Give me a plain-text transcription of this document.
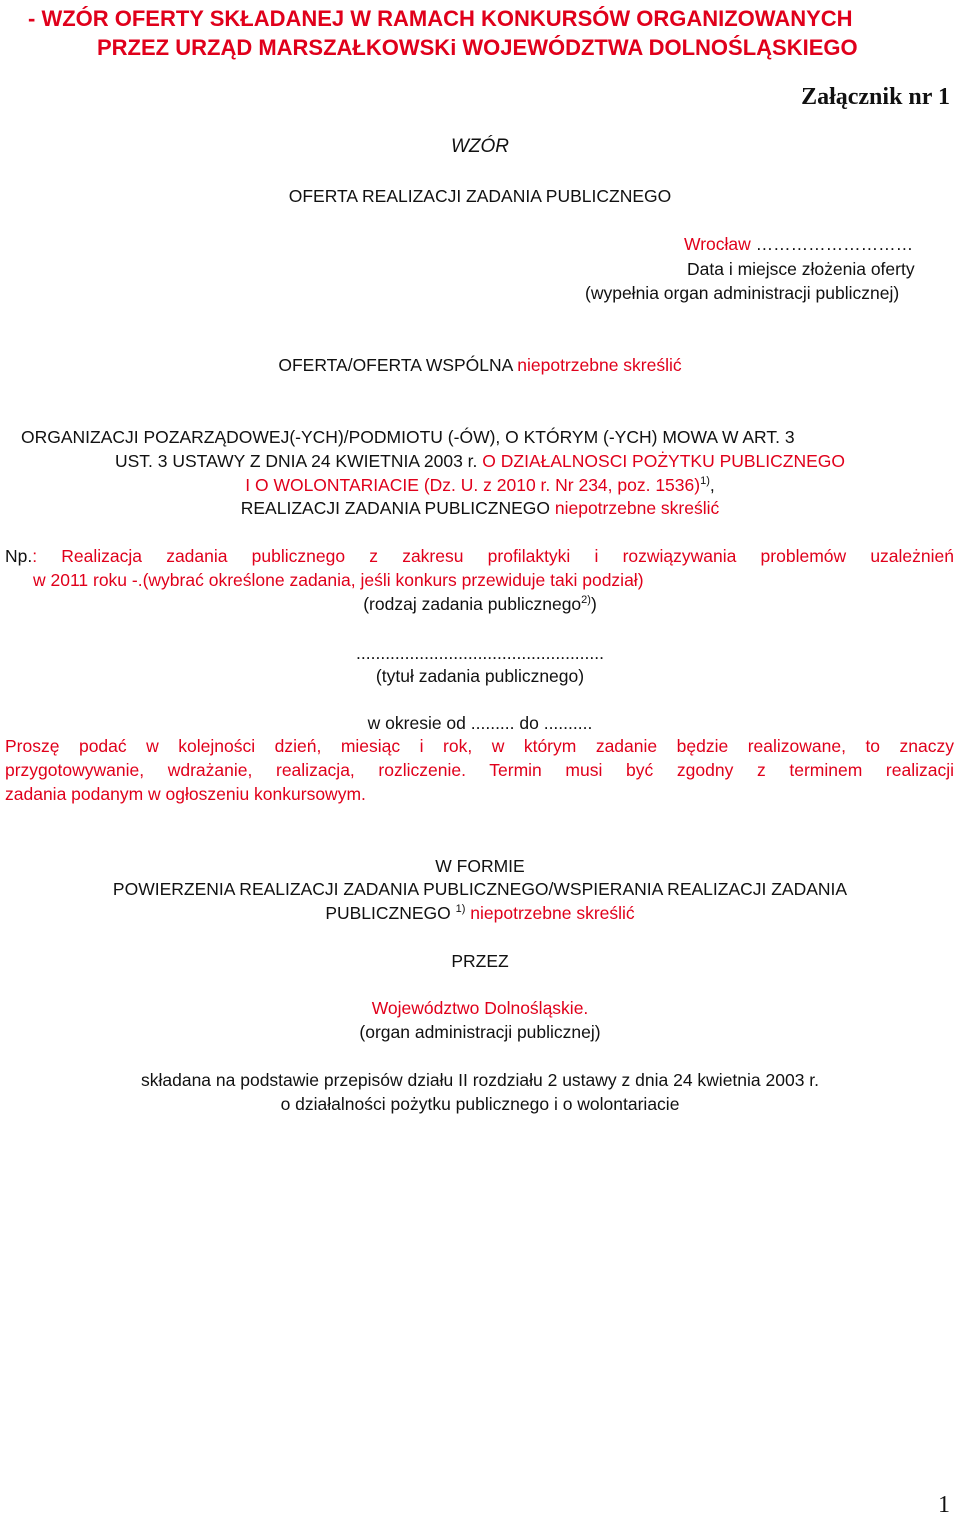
- WZÓR OFERTY SKŁADANEJ W RAMACH KONKURSÓW ORGANIZOWANYCH
PRZEZ URZĄD MARSZAŁKOWSKi WOJEWÓDZTWA DOLNOŚLĄSKIEGO
Załącznik nr 1
WZÓR
OFERTA REALIZACJI ZADANIA PUBLICZNEGO
Wrocław ………………………
Data i miejsce złożenia oferty
(wypełnia organ administracji publicznej)
OFERTA/OFERTA WSPÓLNA niepotrzebne skreślić
ORGANIZACJI POZARZĄDOWEJ(-YCH)/PODMIOTU (-ÓW), O KTÓRYM (-YCH) MOWA W ART. 3
UST. 3 USTAWY Z DNIA 24 KWIETNIA 2003 r. O DZIAŁALNOSCI POŻYTKU PUBLICZNEGO
I O WOLONTARIACIE (Dz. U. z 2010 r. Nr 234, poz. 1536)$^{1)}$,
REALIZACJI ZADANIA PUBLICZNEGO niepotrzebne skreślić
Np.: Realizacja zadania publicznego z zakresu profilaktyki i rozwiązywania problemów uzależnień
w 2011 roku -.(wybrać określone zadania, jeśli konkurs przewiduje taki podział)
(rodzaj zadania publicznego$^{2)}$)
...................................................
(tytuł zadania publicznego)
w okresie od ......... do ..........
Proszę podać w kolejności dzień, miesiąc i rok, w którym zadanie będzie realizowane, to znaczy
przygotowywanie, wdrażanie, realizacja, rozliczenie. Termin musi być zgodny z terminem realizacji
zadania podanym w ogłoszeniu konkursowym.
W FORMIE
POWIERZENIA REALIZACJI ZADANIA PUBLICZNEGO/WSPIERANIA REALIZACJI ZADANIA
PUBLICZNEGO $^{1)}$ niepotrzebne skreślić
PRZEZ
Województwo Dolnośląskie.
(organ administracji publicznej)
składana na podstawie przepisów działu II rozdziału 2 ustawy z dnia 24 kwietnia 2003 r.
o działalności pożytku publicznego i o wolontariacie
1
